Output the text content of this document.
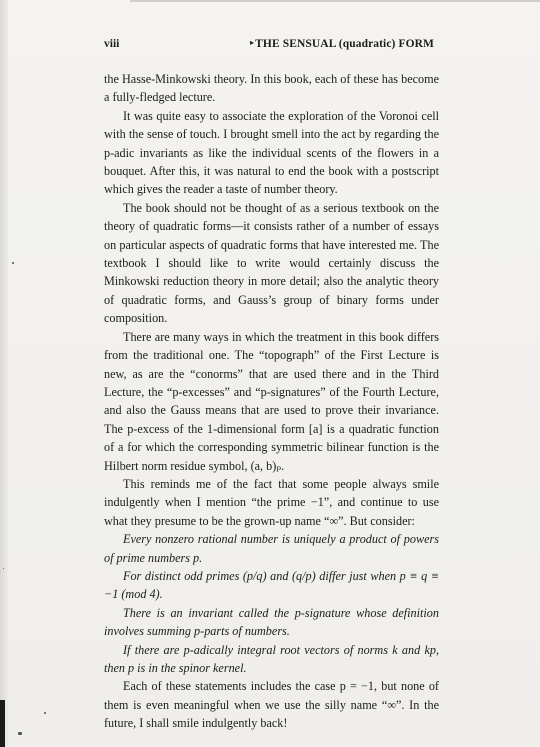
viii	▸ THE SENSUAL (quadratic) FORM

the Hasse-Minkowski theory. In this book, each of these has become a fully-fledged lecture.

It was quite easy to associate the exploration of the Voronoi cell with the sense of touch. I brought smell into the act by regarding the p-adic invariants as like the individual scents of the flowers in a bouquet. After this, it was natural to end the book with a postscript which gives the reader a taste of number theory.

The book should not be thought of as a serious textbook on the theory of quadratic forms—it consists rather of a number of essays on particular aspects of quadratic forms that have interested me. The textbook I should like to write would certainly discuss the Minkowski reduction theory in more detail; also the analytic theory of quadratic forms, and Gauss’s group of binary forms under composition.

There are many ways in which the treatment in this book differs from the traditional one. The “topograph” of the First Lecture is new, as are the “conorms” that are used there and in the Third Lecture, the “p-excesses” and “p-signatures” of the Fourth Lecture, and also the Gauss means that are used to prove their invariance. The p-excess of the 1-dimensional form [a] is a quadratic function of a for which the corresponding symmetric bilinear function is the Hilbert norm residue symbol, (a, b)ₚ.

This reminds me of the fact that some people always smile indulgently when I mention “the prime −1”, and continue to use what they presume to be the grown-up name “∞”. But consider:

Every nonzero rational number is uniquely a product of powers of prime numbers p.

For distinct odd primes (p/q) and (q/p) differ just when p ≡ q ≡ −1 (mod 4).

There is an invariant called the p-signature whose definition involves summing p-parts of numbers.

If there are p-adically integral root vectors of norms k and kp, then p is in the spinor kernel.

Each of these statements includes the case p = −1, but none of them is even meaningful when we use the silly name “∞”. In the future, I shall smile indulgently back!
